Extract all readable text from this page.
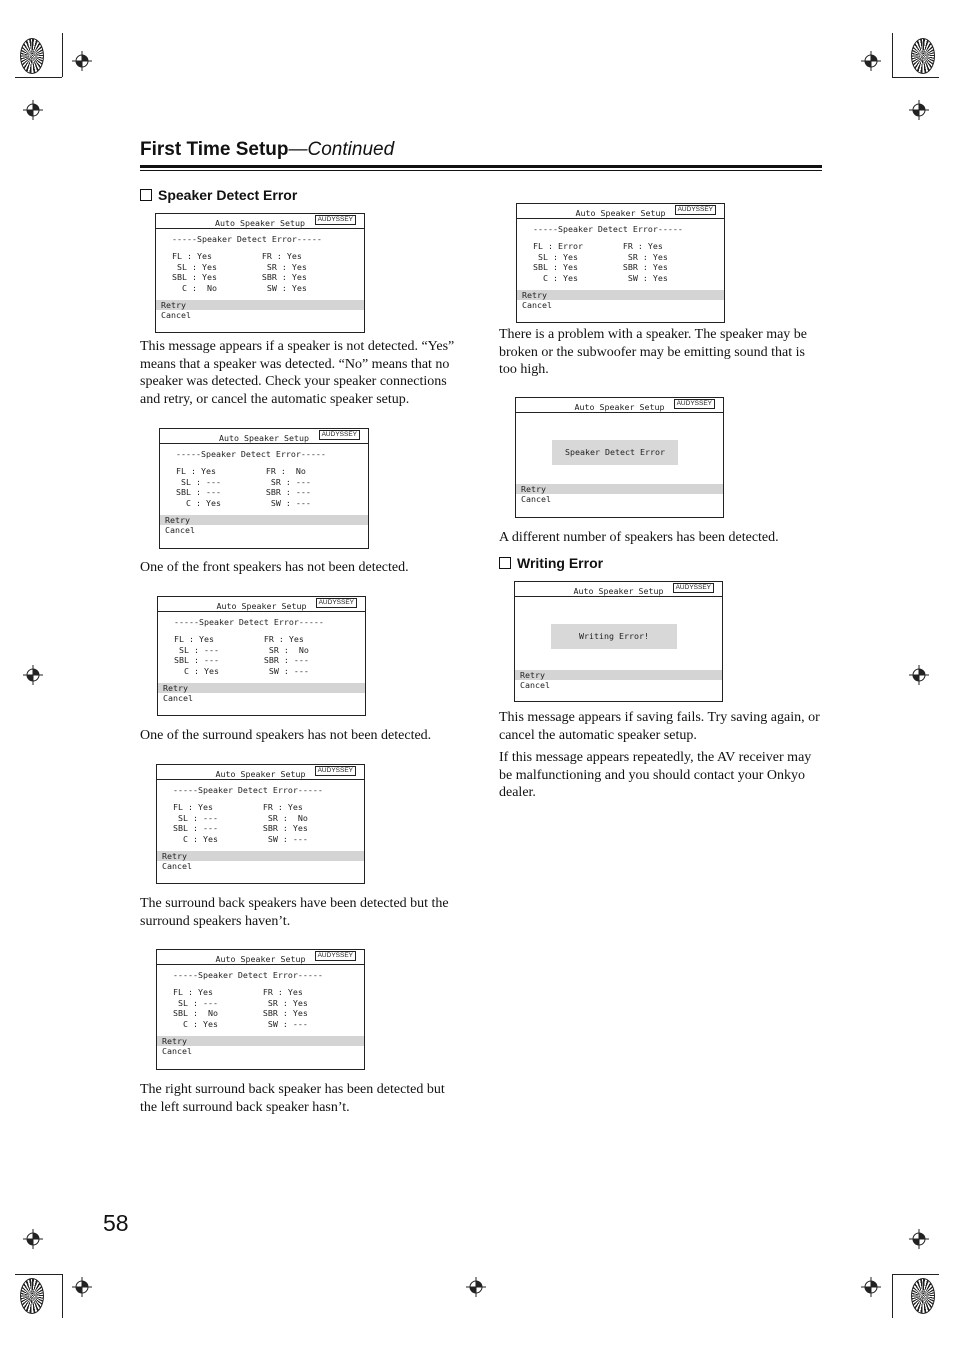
First Time Setup—Continued
Speaker Detect Error
Auto Speaker Setup	AUDYSSEY
-----Speaker Detect Error-----
FL : Yes          FR : Yes
SL : Yes          SR : Yes
SBL : Yes         SBR : Yes
C :  No          SW : Yes
Retry
Cancel
This message appears if a speaker is not detected. “Yes” means that a speaker was detected. “No” means that no speaker was detected. Check your speaker connections and retry, or cancel the automatic speaker setup.
Auto Speaker Setup	AUDYSSEY
-----Speaker Detect Error-----
FL : Yes          FR :  No
SL : ---          SR : ---
SBL : ---         SBR : ---
C : Yes          SW : ---
Retry
Cancel
One of the front speakers has not been detected.
Auto Speaker Setup	AUDYSSEY
-----Speaker Detect Error-----
FL : Yes          FR : Yes
SL : ---          SR :  No
SBL : ---         SBR : ---
C : Yes          SW : ---
Retry
Cancel
One of the surround speakers has not been detected.
Auto Speaker Setup	AUDYSSEY
-----Speaker Detect Error-----
FL : Yes          FR : Yes
SL : ---          SR :  No
SBL : ---         SBR : Yes
C : Yes          SW : ---
Retry
Cancel
The surround back speakers have been detected but the surround speakers haven’t.
Auto Speaker Setup	AUDYSSEY
-----Speaker Detect Error-----
FL : Yes          FR : Yes
SL : ---          SR : Yes
SBL :  No         SBR : Yes
C : Yes          SW : ---
Retry
Cancel
The right surround back speaker has been detected but the left surround back speaker hasn’t.
Auto Speaker Setup	AUDYSSEY
-----Speaker Detect Error-----
FL : Error        FR : Yes
SL : Yes          SR : Yes
SBL : Yes         SBR : Yes
C : Yes          SW : Yes
Retry
Cancel
There is a problem with a speaker. The speaker may be broken or the subwoofer may be emitting sound that is too high.
Auto Speaker Setup	AUDYSSEY
Speaker Detect Error
Retry
Cancel
A different number of speakers has been detected.
Writing Error
Auto Speaker Setup	AUDYSSEY
Writing Error!
Retry
Cancel
This message appears if saving fails. Try saving again, or cancel the automatic speaker setup.
If this message appears repeatedly, the AV receiver may be malfunctioning and you should contact your Onkyo dealer.
58
